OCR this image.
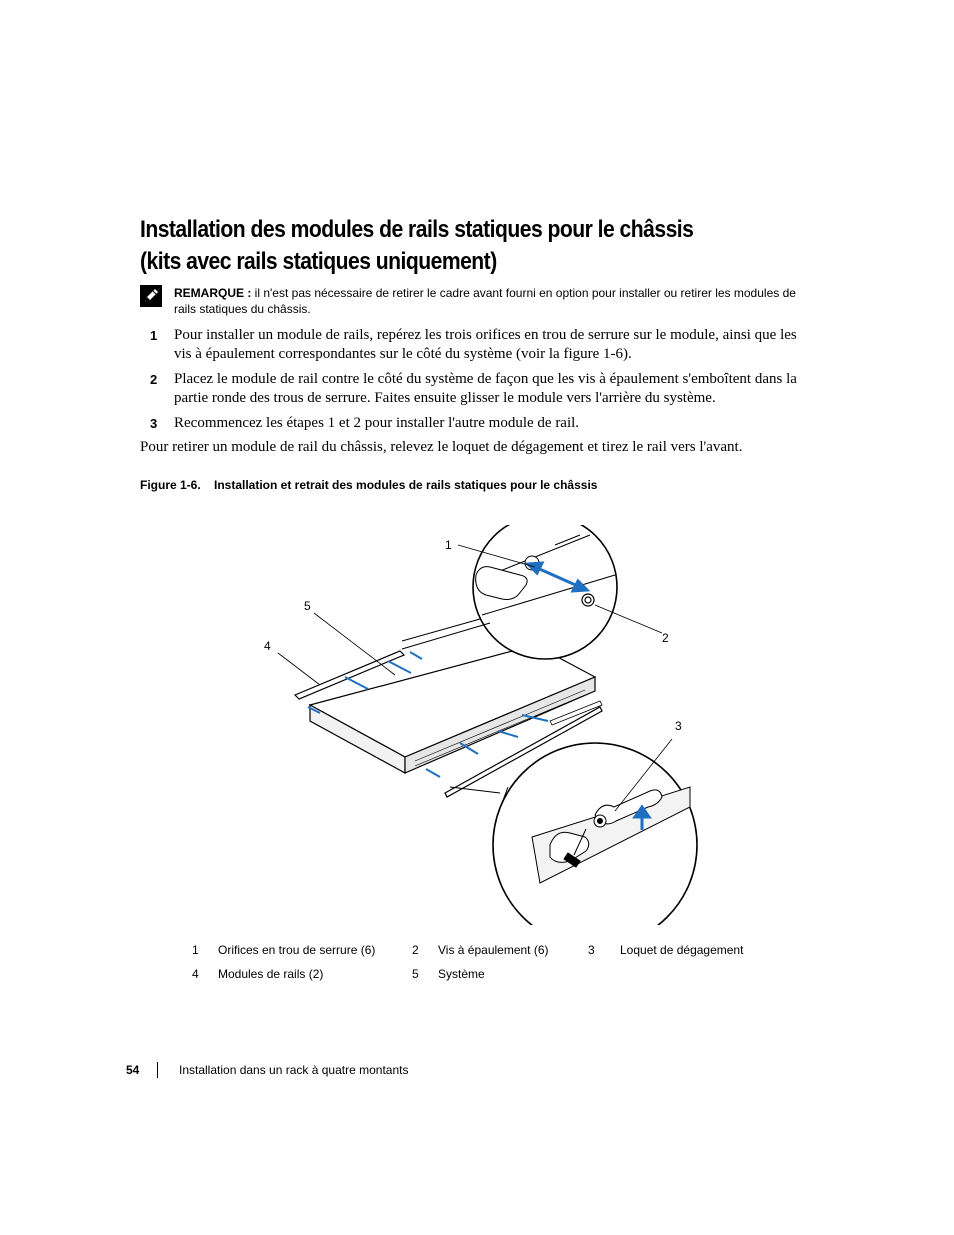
Installation des modules de rails statiques pour le châssis
(kits avec rails statiques uniquement)
REMARQUE : il n'est pas nécessaire de retirer le cadre avant fourni en option pour installer ou retirer les modules de rails statiques du châssis.
1 Pour installer un module de rails, repérez les trois orifices en trou de serrure sur le module, ainsi que les vis à épaulement correspondantes sur le côté du système (voir la figure 1-6).
2 Placez le module de rail contre le côté du système de façon que les vis à épaulement s'emboîtent dans la partie ronde des trous de serrure. Faites ensuite glisser le module vers l'arrière du système.
3 Recommencez les étapes 1 et 2 pour installer l'autre module de rail.

Pour retirer un module de rail du châssis, relevez le loquet de dégagement et tirez le rail vers l'avant.

Figure 1-6. Installation et retrait des modules de rails statiques pour le châssis
1
2
3
4
5
1 Orifices en trou de serrure (6)	2 Vis à épaulement (6)	3 Loquet de dégagement
4 Modules de rails (2)	5 Système
54	Installation dans un rack à quatre montants
